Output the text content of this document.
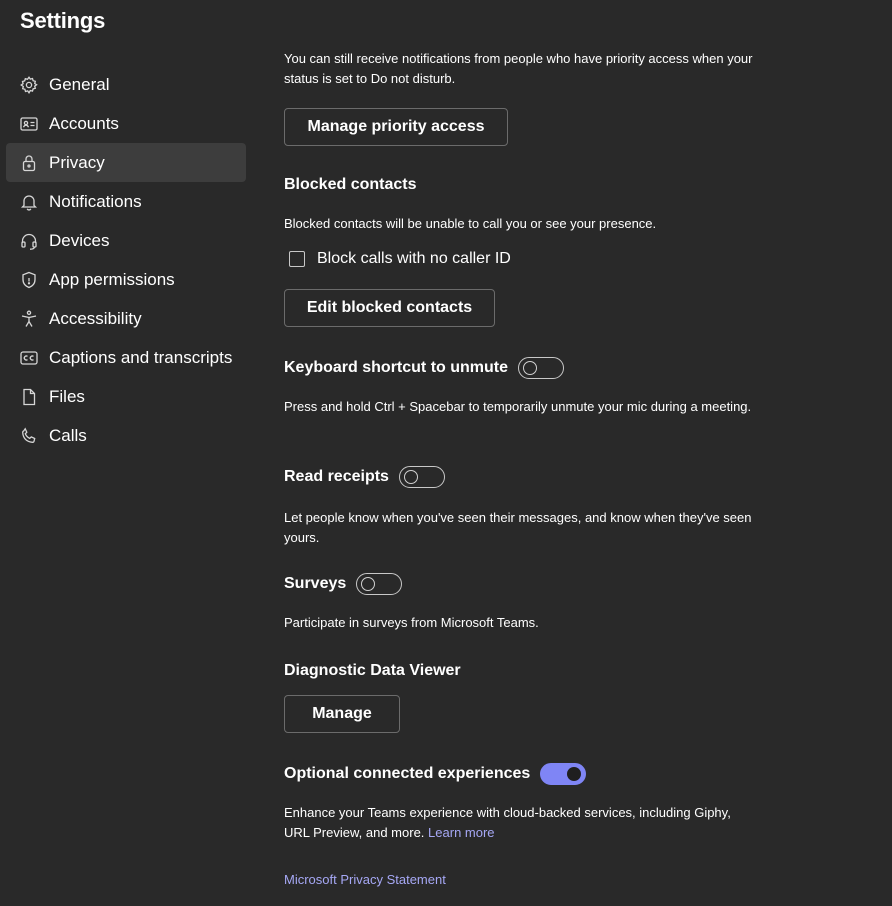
Settings
General
Accounts
Privacy
Notifications
Devices
App permissions
Accessibility
Captions and transcripts
Files
Calls
You can still receive notifications from people who have priority access when your status is set to Do not disturb.
Manage priority access
Blocked contacts
Blocked contacts will be unable to call you or see your presence.
Block calls with no caller ID
Edit blocked contacts
Keyboard shortcut to unmute
Press and hold Ctrl + Spacebar to temporarily unmute your mic during a meeting.
Read receipts
Let people know when you've seen their messages, and know when they've seen yours.
Surveys
Participate in surveys from Microsoft Teams.
Diagnostic Data Viewer
Manage
Optional connected experiences
Enhance your Teams experience with cloud-backed services, including Giphy, URL Preview, and more. Learn more
Microsoft Privacy Statement
